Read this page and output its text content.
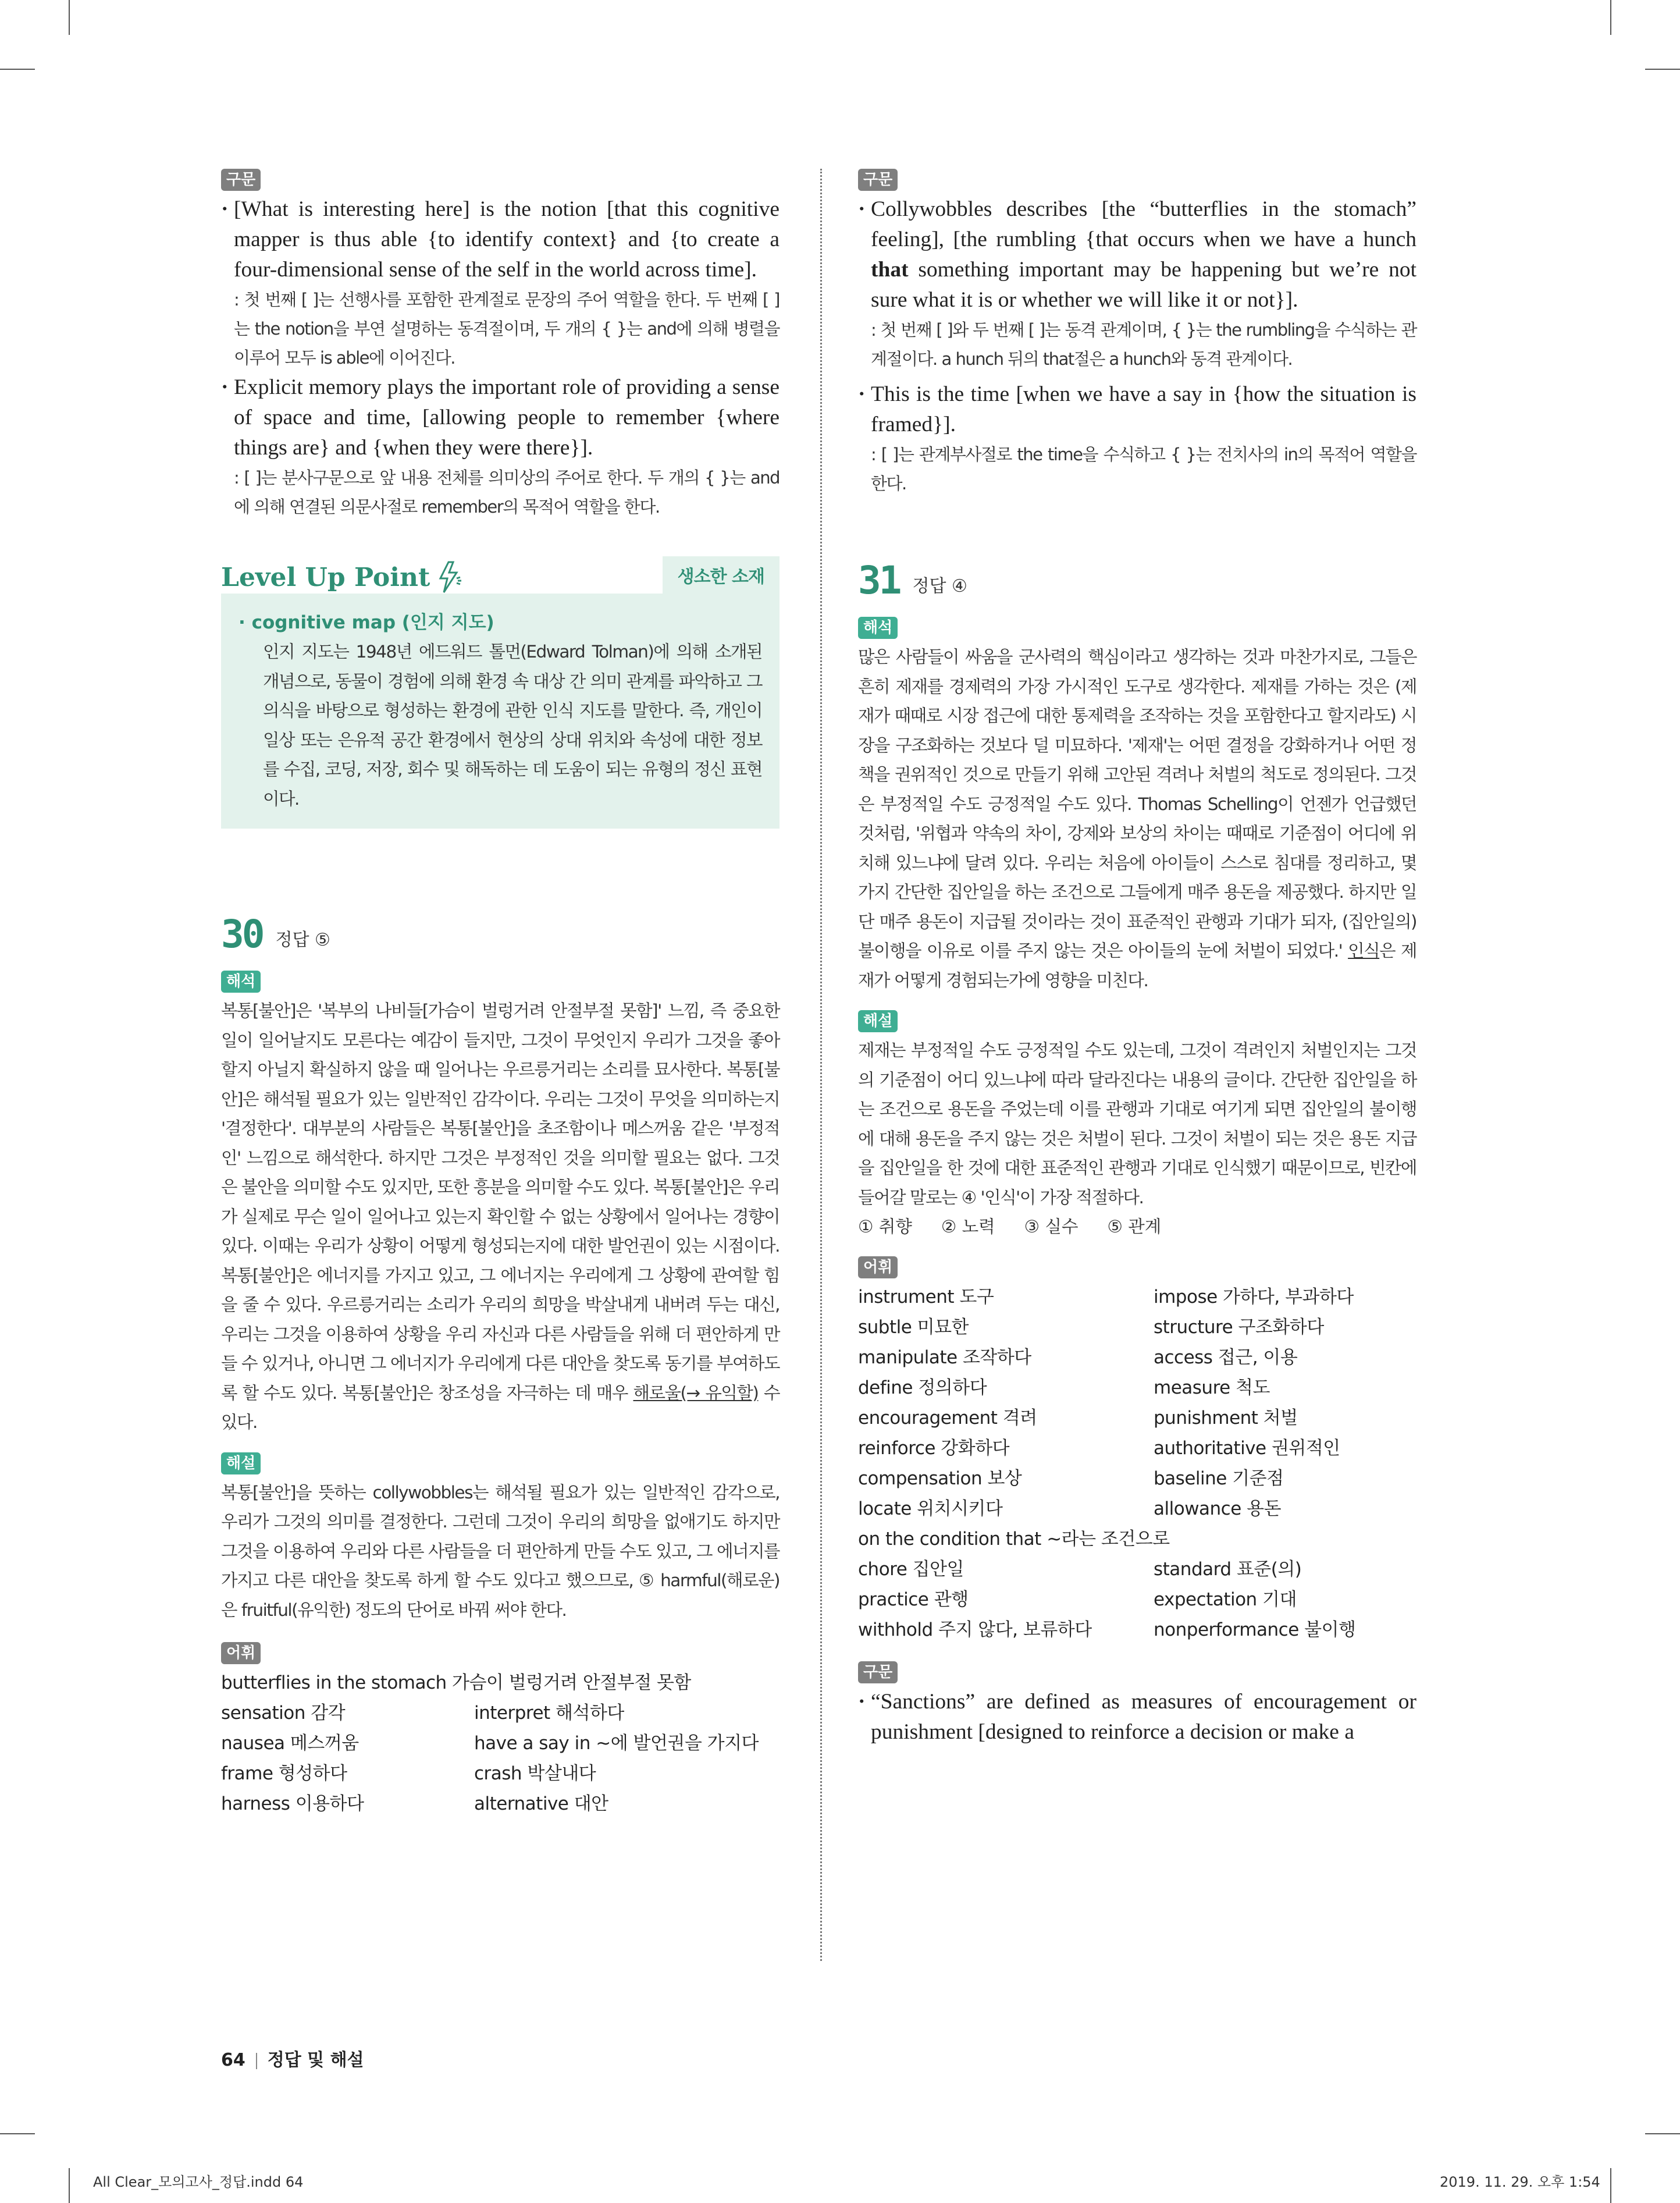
구문
· [What is interesting here] is the notion [that this cognitive mapper is thus able {to identify context} and {to create a four-dimensional sense of the self in the world across time].
: 첫 번째 [ ]는 선행사를 포함한 관계절로 문장의 주어 역할을 한다. 두 번째 [ ]는 the notion을 부연 설명하는 동격절이며, 두 개의 { }는 and에 의해 병렬을 이루어 모두 is able에 이어진다.
· Explicit memory plays the important role of providing a sense of space and time, [allowing people to remember {where things are} and {when they were there}].
: [ ]는 분사구문으로 앞 내용 전체를 의미상의 주어로 한다. 두 개의 { }는 and에 의해 연결된 의문사절로 remember의 목적어 역할을 한다.
Level Up Point	생소한 소재
· cognitive map (인지 지도)
인지 지도는 1948년 에드워드 톨먼(Edward Tolman)에 의해 소개된 개념으로, 동물이 경험에 의해 환경 속 대상 간 의미 관계를 파악하고 그 의식을 바탕으로 형성하는 환경에 관한 인식 지도를 말한다. 즉, 개인이 일상 또는 은유적 공간 환경에서 현상의 상대 위치와 속성에 대한 정보를 수집, 코딩, 저장, 회수 및 해독하는 데 도움이 되는 유형의 정신 표현이다.
30 정답 ⑤
해석
복통[불안]은 '복부의 나비들[가슴이 벌렁거려 안절부절 못함]' 느낌, 즉 중요한 일이 일어날지도 모른다는 예감이 들지만, 그것이 무엇인지 우리가 그것을 좋아할지 아닐지 확실하지 않을 때 일어나는 우르릉거리는 소리를 묘사한다. 복통[불안]은 해석될 필요가 있는 일반적인 감각이다. 우리는 그것이 무엇을 의미하는지 '결정한다'. 대부분의 사람들은 복통[불안]을 초조함이나 메스꺼움 같은 '부정적인' 느낌으로 해석한다. 하지만 그것은 부정적인 것을 의미할 필요는 없다. 그것은 불안을 의미할 수도 있지만, 또한 흥분을 의미할 수도 있다. 복통[불안]은 우리가 실제로 무슨 일이 일어나고 있는지 확인할 수 없는 상황에서 일어나는 경향이 있다. 이때는 우리가 상황이 어떻게 형성되는지에 대한 발언권이 있는 시점이다. 복통[불안]은 에너지를 가지고 있고, 그 에너지는 우리에게 그 상황에 관여할 힘을 줄 수 있다. 우르릉거리는 소리가 우리의 희망을 박살내게 내버려 두는 대신, 우리는 그것을 이용하여 상황을 우리 자신과 다른 사람들을 위해 더 편안하게 만들 수 있거나, 아니면 그 에너지가 우리에게 다른 대안을 찾도록 동기를 부여하도록 할 수도 있다. 복통[불안]은 창조성을 자극하는 데 매우 해로울(→ 유익할) 수 있다.
해설
복통[불안]을 뜻하는 collywobbles는 해석될 필요가 있는 일반적인 감각으로, 우리가 그것의 의미를 결정한다. 그런데 그것이 우리의 희망을 없애기도 하지만 그것을 이용하여 우리와 다른 사람들을 더 편안하게 만들 수도 있고, 그 에너지를 가지고 다른 대안을 찾도록 하게 할 수도 있다고 했으므로, ⑤ harmful(해로운)은 fruitful(유익한) 정도의 단어로 바꿔 써야 한다.
어휘
butterflies in the stomach 가슴이 벌렁거려 안절부절 못함
sensation 감각	interpret 해석하다
nausea 메스꺼움	have a say in ~에 발언권을 가지다
frame 형성하다	crash 박살내다
harness 이용하다	alternative 대안
구문
· Collywobbles describes [the “butterflies in the stomach” feeling], [the rumbling {that occurs when we have a hunch that something important may be happening but we’re not sure what it is or whether we will like it or not}].
: 첫 번째 [ ]와 두 번째 [ ]는 동격 관계이며, { }는 the rumbling을 수식하는 관계절이다. a hunch 뒤의 that절은 a hunch와 동격 관계이다.
· This is the time [when we have a say in {how the situation is framed}].
: [ ]는 관계부사절로 the time을 수식하고 { }는 전치사의 in의 목적어 역할을 한다.
31 정답 ④
해석
많은 사람들이 싸움을 군사력의 핵심이라고 생각하는 것과 마찬가지로, 그들은 흔히 제재를 경제력의 가장 가시적인 도구로 생각한다. 제재를 가하는 것은 (제재가 때때로 시장 접근에 대한 통제력을 조작하는 것을 포함한다고 할지라도) 시장을 구조화하는 것보다 덜 미묘하다. '제재'는 어떤 결정을 강화하거나 어떤 정책을 권위적인 것으로 만들기 위해 고안된 격려나 처벌의 척도로 정의된다. 그것은 부정적일 수도 긍정적일 수도 있다. Thomas Schelling이 언젠가 언급했던 것처럼, '위협과 약속의 차이, 강제와 보상의 차이는 때때로 기준점이 어디에 위치해 있느냐에 달려 있다. 우리는 처음에 아이들이 스스로 침대를 정리하고, 몇 가지 간단한 집안일을 하는 조건으로 그들에게 매주 용돈을 제공했다. 하지만 일단 매주 용돈이 지급될 것이라는 것이 표준적인 관행과 기대가 되자, (집안일의) 불이행을 이유로 이를 주지 않는 것은 아이들의 눈에 처벌이 되었다.' 인식은 제재가 어떻게 경험되는가에 영향을 미친다.
해설
제재는 부정적일 수도 긍정적일 수도 있는데, 그것이 격려인지 처벌인지는 그것의 기준점이 어디 있느냐에 따라 달라진다는 내용의 글이다. 간단한 집안일을 하는 조건으로 용돈을 주었는데 이를 관행과 기대로 여기게 되면 집안일의 불이행에 대해 용돈을 주지 않는 것은 처벌이 된다. 그것이 처벌이 되는 것은 용돈 지급을 집안일을 한 것에 대한 표준적인 관행과 기대로 인식했기 때문이므로, 빈칸에 들어갈 말로는 ④ '인식'이 가장 적절하다.
① 취향 ② 노력 ③ 실수 ⑤ 관계
어휘
instrument 도구	impose 가하다, 부과하다
subtle 미묘한	structure 구조화하다
manipulate 조작하다	access 접근, 이용
define 정의하다	measure 척도
encouragement 격려	punishment 처벌
reinforce 강화하다	authoritative 권위적인
compensation 보상	baseline 기준점
locate 위치시키다	allowance 용돈
on the condition that ~라는 조건으로
chore 집안일	standard 표준(의)
practice 관행	expectation 기대
withhold 주지 않다, 보류하다	nonperformance 불이행
구문
· “Sanctions” are defined as measures of encouragement or punishment [designed to reinforce a decision or make a
64 정답 및 해설
All Clear_모의고사_정답.indd 64	2019. 11. 29. 오후 1:54
